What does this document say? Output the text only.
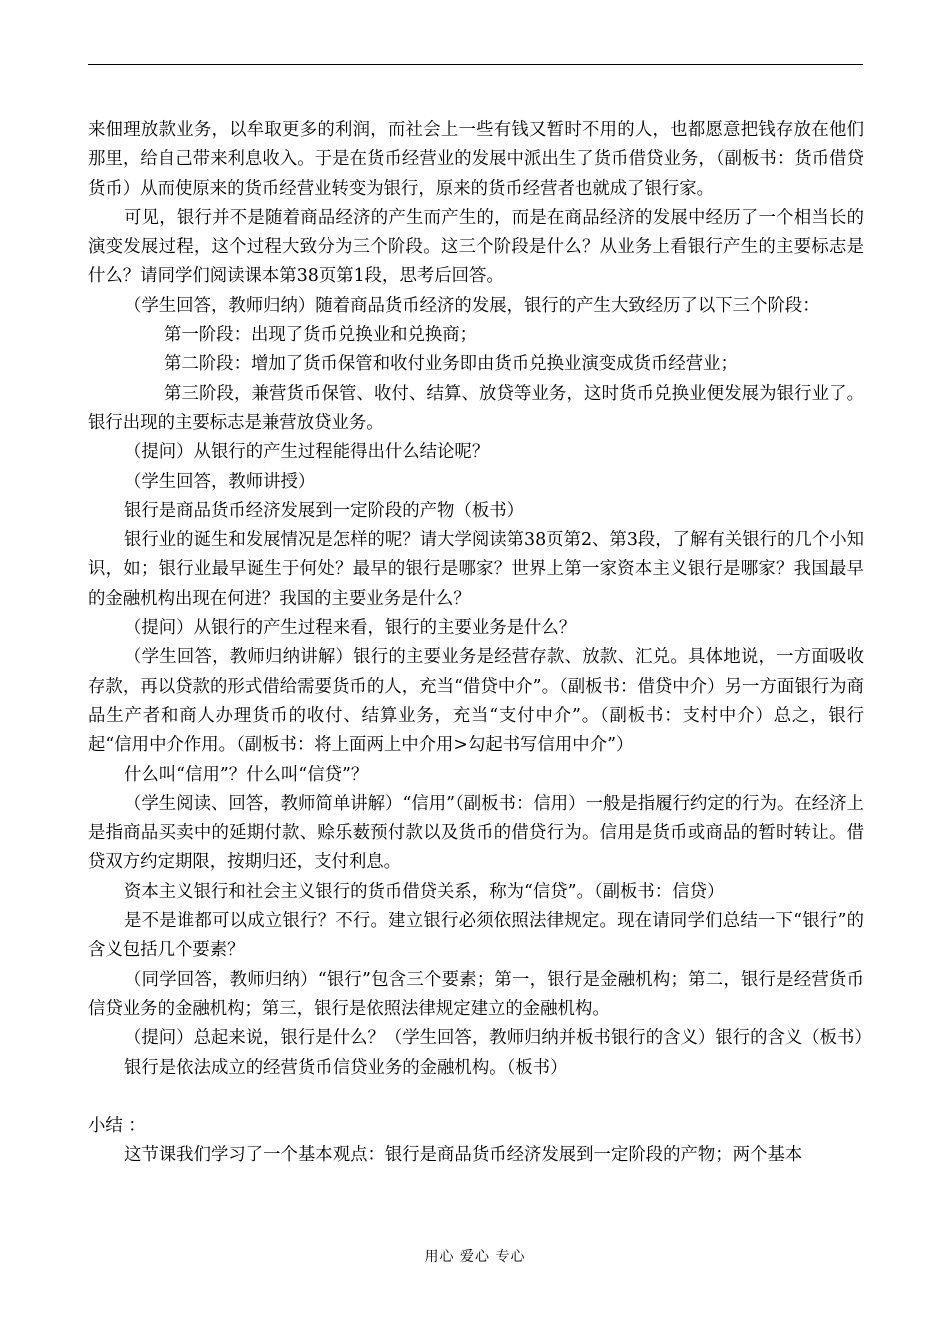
来佃理放款业务，以牟取更多的利润，而社会上一些有钱又暂时不用的人，也都愿意把钱存放在他们那里，给自己带来利息收入。于是在货币经营业的发展中派出生了货币借贷业务，（副板书：货币借贷货币）从而使原来的货币经营业转变为银行，原来的货币经营者也就成了银行家。

可见，银行并不是随着商品经济的产生而产生的，而是在商品经济的发展中经历了一个相当长的演变发展过程，这个过程大致分为三个阶段。这三个阶段是什么？从业务上看银行产生的主要标志是什么？请同学们阅读课本第38页第1段，思考后回答。

（学生回答，教师归纳）随着商品货币经济的发展，银行的产生大致经历了以下三个阶段：

第一阶段：出现了货币兑换业和兑换商；

第二阶段：增加了货币保管和收付业务即由货币兑换业演变成货币经营业；

第三阶段，兼营货币保管、收付、结算、放贷等业务，这时货币兑换业便发展为银行业了。银行出现的主要标志是兼营放贷业务。

（提问）从银行的产生过程能得出什么结论呢？

（学生回答，教师讲授）

银行是商品货币经济发展到一定阶段的产物（板书）

银行业的诞生和发展情况是怎样的呢？请大学阅读第38页第2、第3段，了解有关银行的几个小知识，如；银行业最早诞生于何处？最早的银行是哪家？世界上第一家资本主义银行是哪家？我国最早的金融机构出现在何进？我国的主要业务是什么？

（提问）从银行的产生过程来看，银行的主要业务是什么？

（学生回答，教师归纳讲解）银行的主要业务是经营存款、放款、汇兑。具体地说，一方面吸收存款，再以贷款的形式借给需要货币的人，充当“借贷中介”。（副板书：借贷中介）另一方面银行为商品生产者和商人办理货币的收付、结算业务，充当“支付中介”。（副板书：支村中介）总之，银行起“信用中介作用。（副板书：将上面两上中介用>勾起书写信用中介”）

什么叫“信用”？什么叫“信贷”？

（学生阅读、回答，教师简单讲解）“信用”（副板书：信用）一般是指履行约定的行为。在经济上是指商品买卖中的延期付款、赊乐薮预付款以及货币的借贷行为。信用是货币或商品的暂时转让。借贷双方约定期限，按期归还，支付利息。

资本主义银行和社会主义银行的货币借贷关系，称为“信贷”。（副板书：信贷）

是不是谁都可以成立银行？不行。建立银行必须依照法律规定。现在请同学们总结一下“银行”的含义包括几个要素？

（同学回答，教师归纳）“银行”包含三个要素；第一，银行是金融机构；第二，银行是经营货币信贷业务的金融机构；第三，银行是依照法律规定建立的金融机构。

（提问）总起来说，银行是什么？（学生回答，教师归纳并板书银行的含义）银行的含义（板书）

银行是依法成立的经营货币信贷业务的金融机构。（板书）

小结 ：

这节课我们学习了一个基本观点：银行是商品货币经济发展到一定阶段的产物；两个基本

用心 爱心 专心
